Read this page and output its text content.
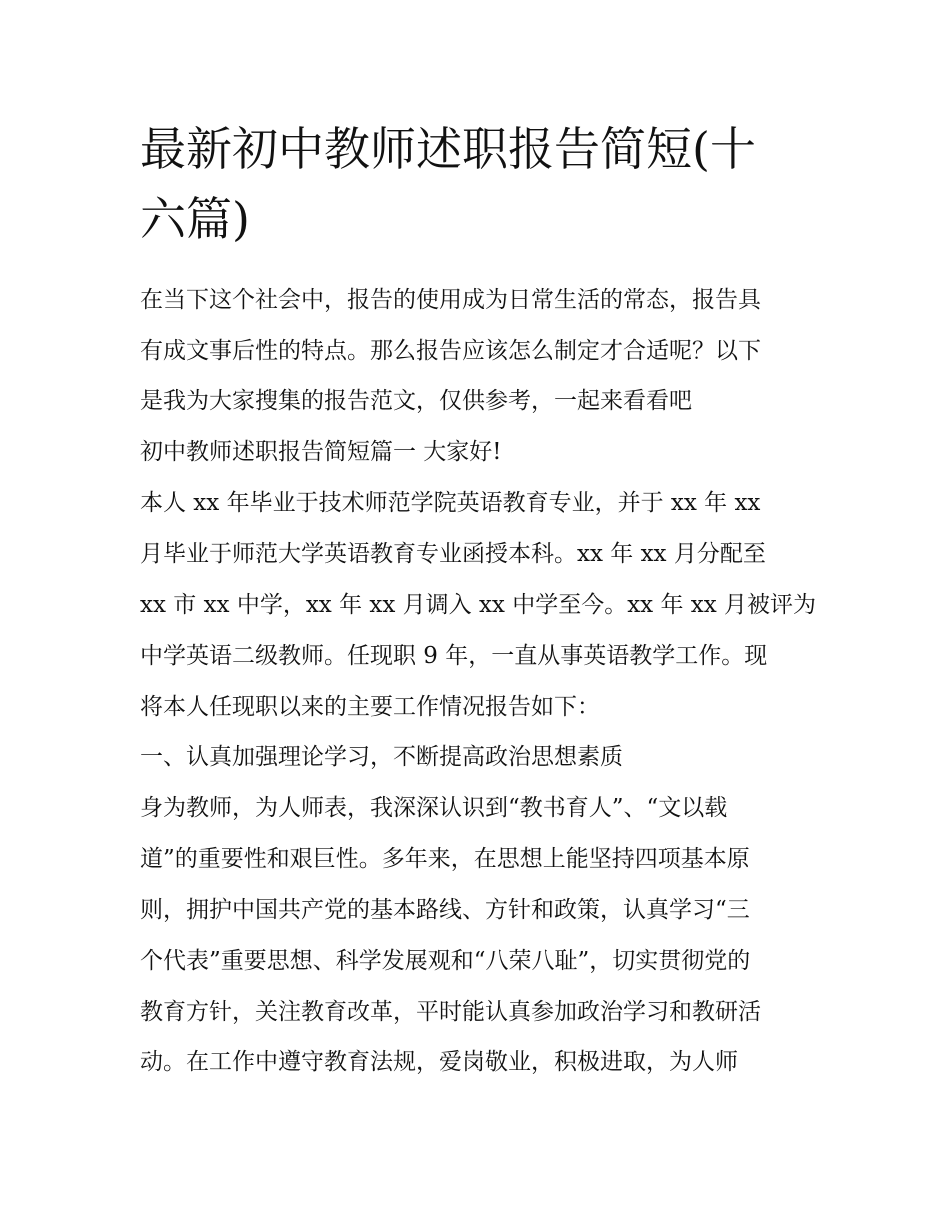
最新初中教师述职报告简短(十
六篇)
在当下这个社会中，报告的使用成为日常生活的常态，报告具
有成文事后性的特点。那么报告应该怎么制定才合适呢？以下
是我为大家搜集的报告范文，仅供参考，一起来看看吧
初中教师述职报告简短篇一 大家好!
本人 xx 年毕业于技术师范学院英语教育专业，并于 xx 年 xx
月毕业于师范大学英语教育专业函授本科。xx 年 xx 月分配至
xx 市 xx 中学，xx 年 xx 月调入 xx 中学至今。xx 年 xx 月被评为
中学英语二级教师。任现职 9 年，一直从事英语教学工作。现
将本人任现职以来的主要工作情况报告如下：
一、认真加强理论学习，不断提高政治思想素质
身为教师，为人师表，我深深认识到“教书育人”、“文以载
道”的重要性和艰巨性。多年来，在思想上能坚持四项基本原
则，拥护中国共产党的基本路线、方针和政策，认真学习“三
个代表”重要思想、科学发展观和“八荣八耻”，切实贯彻党的
教育方针，关注教育改革，平时能认真参加政治学习和教研活
动。在工作中遵守教育法规，爱岗敬业，积极进取，为人师
